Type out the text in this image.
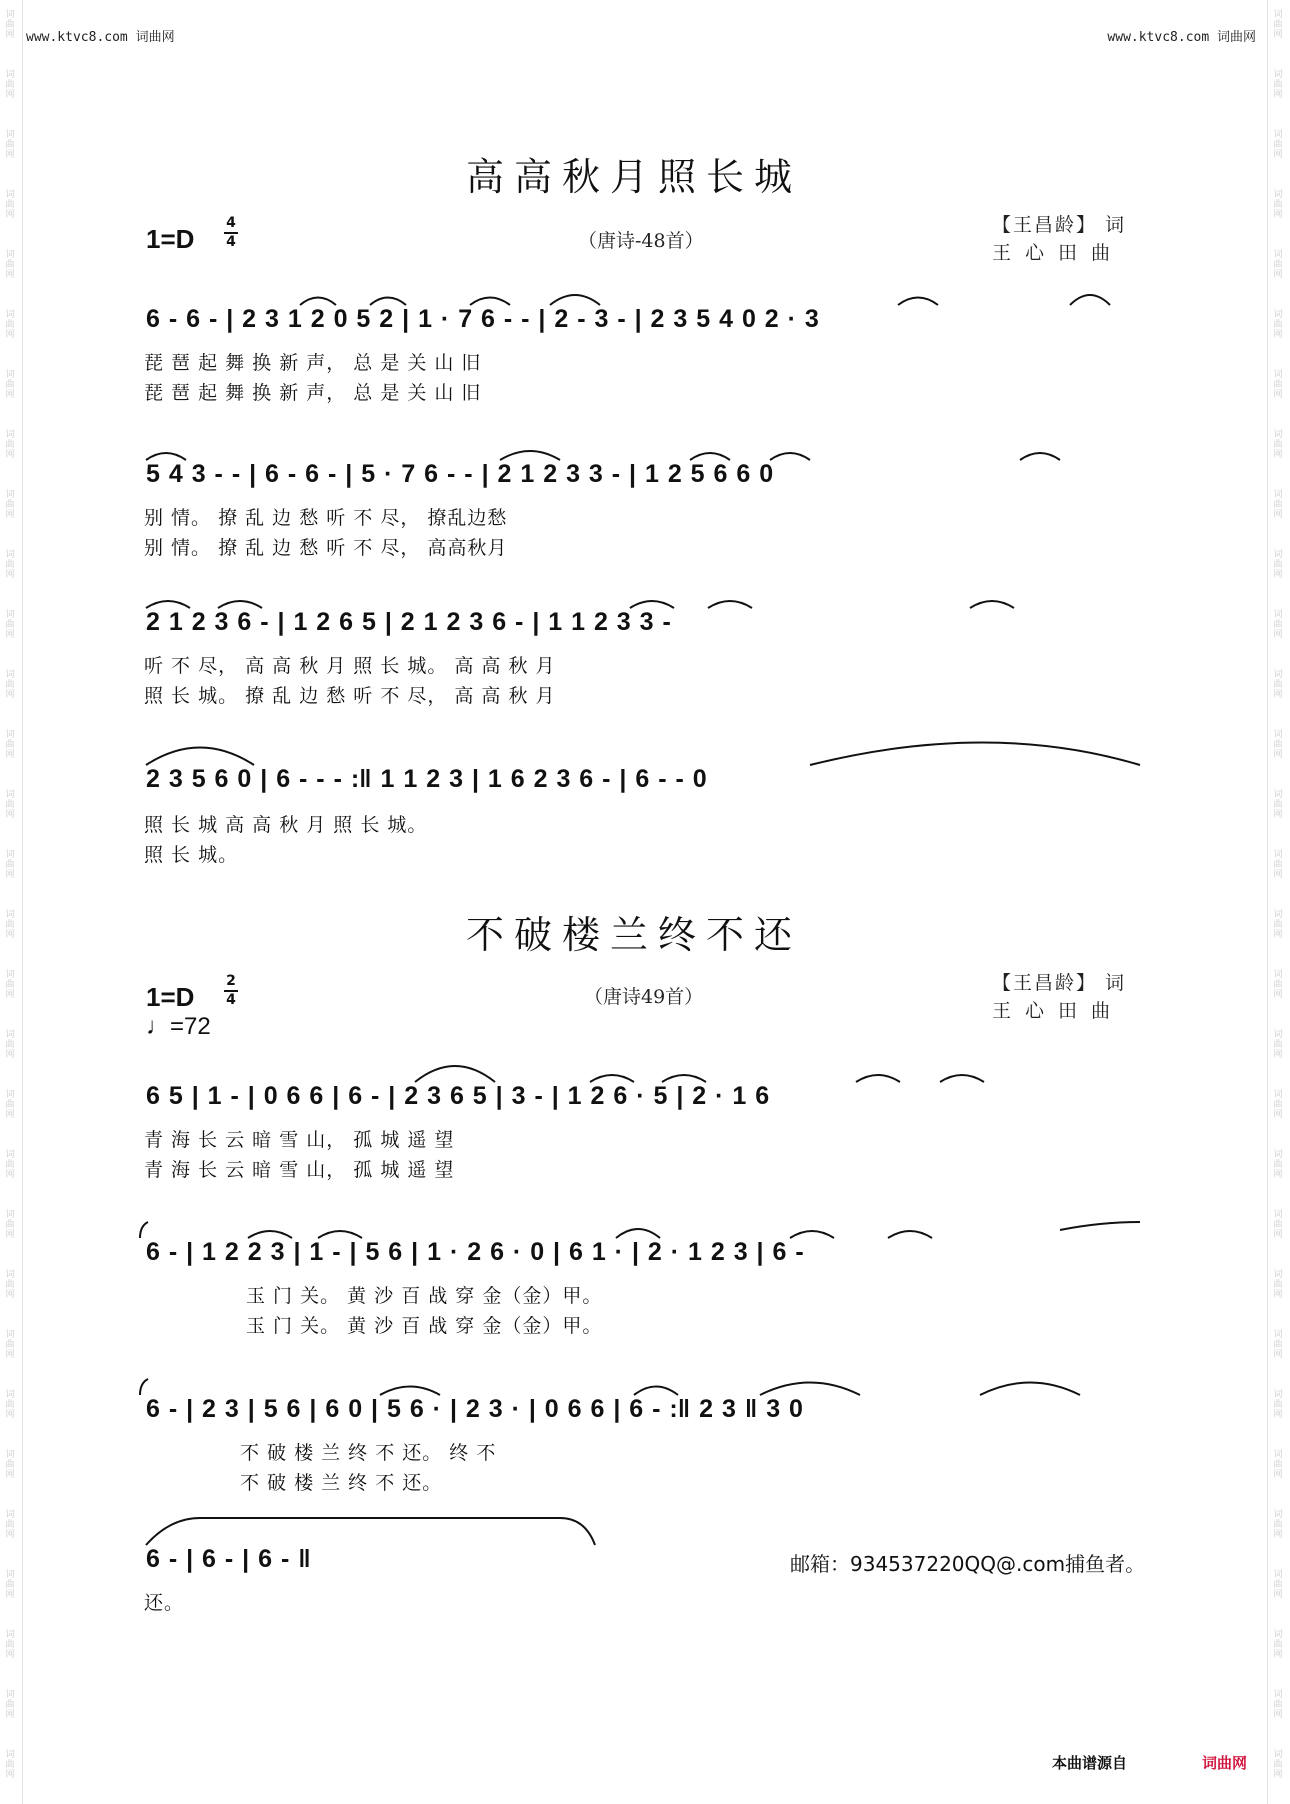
词曲网
词曲网
词曲网
词曲网
词曲网
词曲网
词曲网
词曲网
词曲网
词曲网
词曲网
词曲网
词曲网
词曲网
词曲网
词曲网
词曲网
词曲网
词曲网
词曲网
词曲网
词曲网
词曲网
词曲网
词曲网
词曲网
词曲网
词曲网
词曲网
词曲网
词曲网
词曲网
词曲网
词曲网
词曲网
词曲网
词曲网
词曲网
词曲网
词曲网
词曲网
词曲网
词曲网
词曲网
词曲网
词曲网
词曲网
词曲网
词曲网
词曲网
词曲网
词曲网
词曲网
词曲网
词曲网
词曲网
词曲网
词曲网
词曲网
词曲网
www.ktvc8.com 词曲网	www.ktvc8.com 词曲网
高高秋月照长城
1=D
4
4	（唐诗-48首）
【王昌龄】 词
王心田曲
6 - 6 - | 2 3 1 2 0 5 2 | 1 · 7 6 - - | 2 - 3 - | 2 3 5 4 0 2 · 3
琵 琶 起 舞 换 新 声， 总 是 关 山 旧
琵 琶 起 舞 换 新 声， 总 是 关 山 旧
5 4 3 - - | 6 - 6 - | 5 · 7 6 - - | 2 1 2 3 3 - | 1 2 5 6 6 0
别 情。 撩 乱 边 愁 听 不 尽， 撩乱边愁
别 情。 撩 乱 边 愁 听 不 尽， 高高秋月
2 1 2 3 6 - | 1 2 6 5 | 2 1 2 3 6 - | 1 1 2 3 3 -
听 不 尽， 高 高 秋 月 照 长 城。 高 高 秋 月
照 长 城。 撩 乱 边 愁 听 不 尽， 高 高 秋 月
2 3 5 6 0 | 6 - - - :‖ 1 1 2 3 | 1 6 2 3 6 - | 6 - - 0
照 长 城 高 高 秋 月 照 长 城。
照 长 城。
不破楼兰终不还
1=D
2
4
♩=72
（唐诗49首）
【王昌龄】 词
王心田曲
6 5 | 1 - | 0 6 6 | 6 - | 2 3 6 5 | 3 - | 1 2 6 · 5 | 2 · 1 6
青 海 长 云 暗 雪 山， 孤 城 遥 望
青 海 长 云 暗 雪 山， 孤 城 遥 望
6 - | 1 2 2 3 | 1 - | 5 6 | 1 · 2 6 · 0 | 6 1 · | 2 · 1 2 3 | 6 -
玉 门 关。 黄 沙 百 战 穿 金（金）甲。
玉 门 关。 黄 沙 百 战 穿 金（金）甲。
6 - | 2 3 | 5 6 | 6 0 | 5 6 · | 2 3 · | 0 6 6 | 6 - :‖ 2 3 ‖ 3 0
不 破 楼 兰 终 不 还。 终 不
不 破 楼 兰 终 不 还。
6 - | 6 - | 6 - ‖
还。
邮箱：934537220QQ@.com捕鱼者。
本曲谱源自	词曲网
